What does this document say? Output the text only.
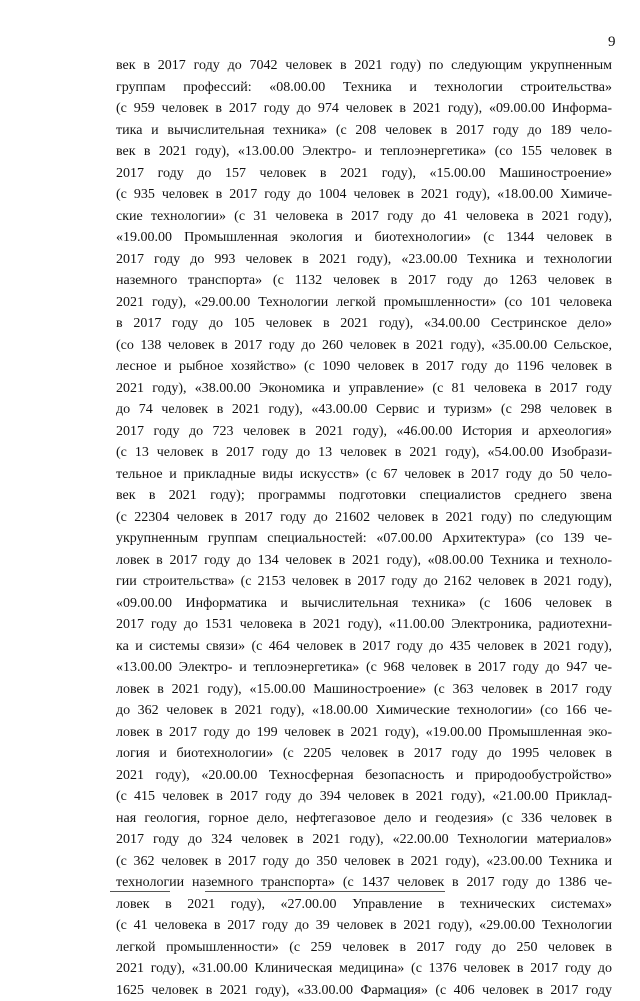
9
век в 2017 году до 7042 человек в 2021 году) по следующим укрупненным
группам профессий: «08.00.00 Техника и технологии строительства»
(с 959 человек в 2017 году до 974 человек в 2021 году), «09.00.00 Информа-
тика и вычислительная техника» (с 208 человек в 2017 году до 189 чело-
век в 2021 году), «13.00.00 Электро- и теплоэнергетика» (со 155 человек в
2017 году до 157 человек в 2021 году), «15.00.00 Машиностроение»
(с 935 человек в 2017 году до 1004 человек в 2021 году), «18.00.00 Химиче-
ские технологии» (с 31 человека в 2017 году до 41 человека в 2021 году),
«19.00.00 Промышленная экология и биотехнологии» (с 1344 человек в
2017 году до 993 человек в 2021 году), «23.00.00 Техника и технологии
наземного транспорта» (с 1132 человек в 2017 году до 1263 человек в
2021 году), «29.00.00 Технологии легкой промышленности» (со 101 человека
в 2017 году до 105 человек в 2021 году), «34.00.00 Сестринское дело»
(со 138 человек в 2017 году до 260 человек в 2021 году), «35.00.00 Сельское,
лесное и рыбное хозяйство» (с 1090 человек в 2017 году до 1196 человек в
2021 году), «38.00.00 Экономика и управление» (с 81 человека в 2017 году
до 74 человек в 2021 году), «43.00.00 Сервис и туризм» (с 298 человек в
2017 году до 723 человек в 2021 году), «46.00.00 История и археология»
(с 13 человек в 2017 году до 13 человек в 2021 году), «54.00.00 Изобрази-
тельное и прикладные виды искусств» (с 67 человек в 2017 году до 50 чело-
век в 2021 году); программы подготовки специалистов среднего звена
(с 22304 человек в 2017 году до 21602 человек в 2021 году) по следующим
укрупненным группам специальностей: «07.00.00 Архитектура» (со 139 че-
ловек в 2017 году до 134 человек в 2021 году), «08.00.00 Техника и техноло-
гии строительства» (с 2153 человек в 2017 году до 2162 человек в 2021 году),
«09.00.00 Информатика и вычислительная техника» (с 1606 человек в
2017 году до 1531 человека в 2021 году), «11.00.00 Электроника, радиотехни-
ка и системы связи» (с 464 человек в 2017 году до 435 человек в 2021 году),
«13.00.00 Электро- и теплоэнергетика» (с 968 человек в 2017 году до 947 че-
ловек в 2021 году), «15.00.00 Машиностроение» (с 363 человек в 2017 году
до 362 человек в 2021 году), «18.00.00 Химические технологии» (со 166 че-
ловек в 2017 году до 199 человек в 2021 году), «19.00.00 Промышленная эко-
логия и биотехнологии» (с 2205 человек в 2017 году до 1995 человек в
2021 году), «20.00.00 Техносферная безопасность и природообустройство»
(с 415 человек в 2017 году до 394 человек в 2021 году), «21.00.00 Приклад-
ная геология, горное дело, нефтегазовое дело и геодезия» (с 336 человек в
2017 году до 324 человек в 2021 году), «22.00.00 Технологии материалов»
(с 362 человек в 2017 году до 350 человек в 2021 году), «23.00.00 Техника и
технологии наземного транспорта» (с 1437 человек в 2017 году до 1386 че-
ловек в 2021 году), «27.00.00 Управление в технических системах»
(с 41 человека в 2017 году до 39 человек в 2021 году), «29.00.00 Технологии
легкой промышленности» (с 259 человек в 2017 году до 250 человек в
2021 году), «31.00.00 Клиническая медицина» (с 1376 человек в 2017 году до
1625 человек в 2021 году), «33.00.00 Фармация» (с 406 человек в 2017 году
